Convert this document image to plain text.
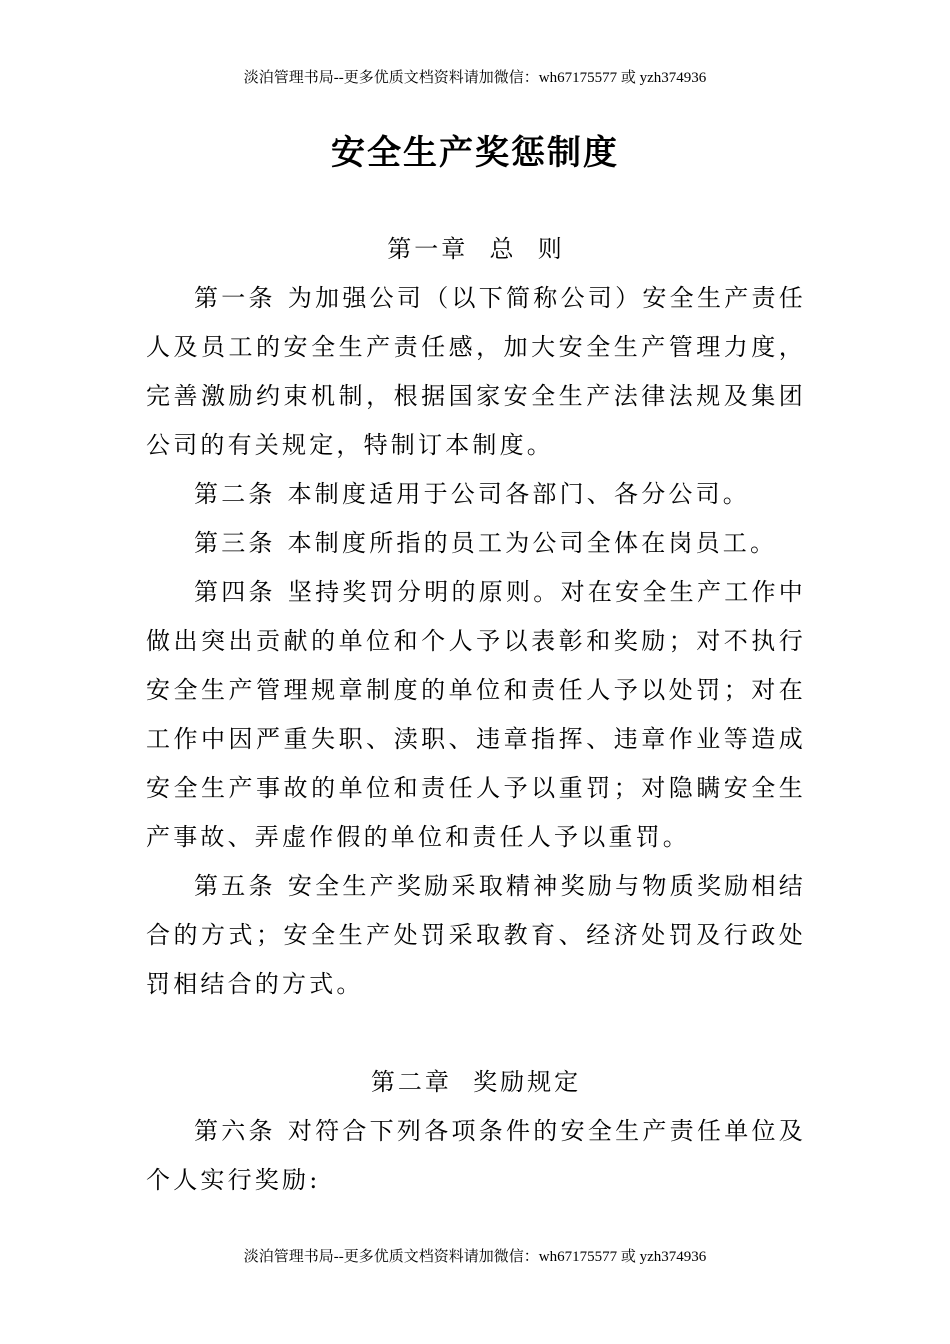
淡泊管理书局--更多优质文档资料请加微信：wh67175577 或 yzh374936
安全生产奖惩制度

第一章  总  则

第一条 为加强公司（以下简称公司）安全生产责任人及员工的安全生产责任感，加大安全生产管理力度，完善激励约束机制，根据国家安全生产法律法规及集团公司的有关规定，特制订本制度。

第二条 本制度适用于公司各部门、各分公司。

第三条 本制度所指的员工为公司全体在岗员工。

第四条 坚持奖罚分明的原则。对在安全生产工作中做出突出贡献的单位和个人予以表彰和奖励；对不执行安全生产管理规章制度的单位和责任人予以处罚；对在工作中因严重失职、渎职、违章指挥、违章作业等造成安全生产事故的单位和责任人予以重罚；对隐瞒安全生产事故、弄虚作假的单位和责任人予以重罚。

第五条 安全生产奖励采取精神奖励与物质奖励相结合的方式；安全生产处罚采取教育、经济处罚及行政处罚相结合的方式。

第二章  奖励规定

第六条 对符合下列各项条件的安全生产责任单位及个人实行奖励:

淡泊管理书局--更多优质文档资料请加微信：wh67175577 或 yzh374936
